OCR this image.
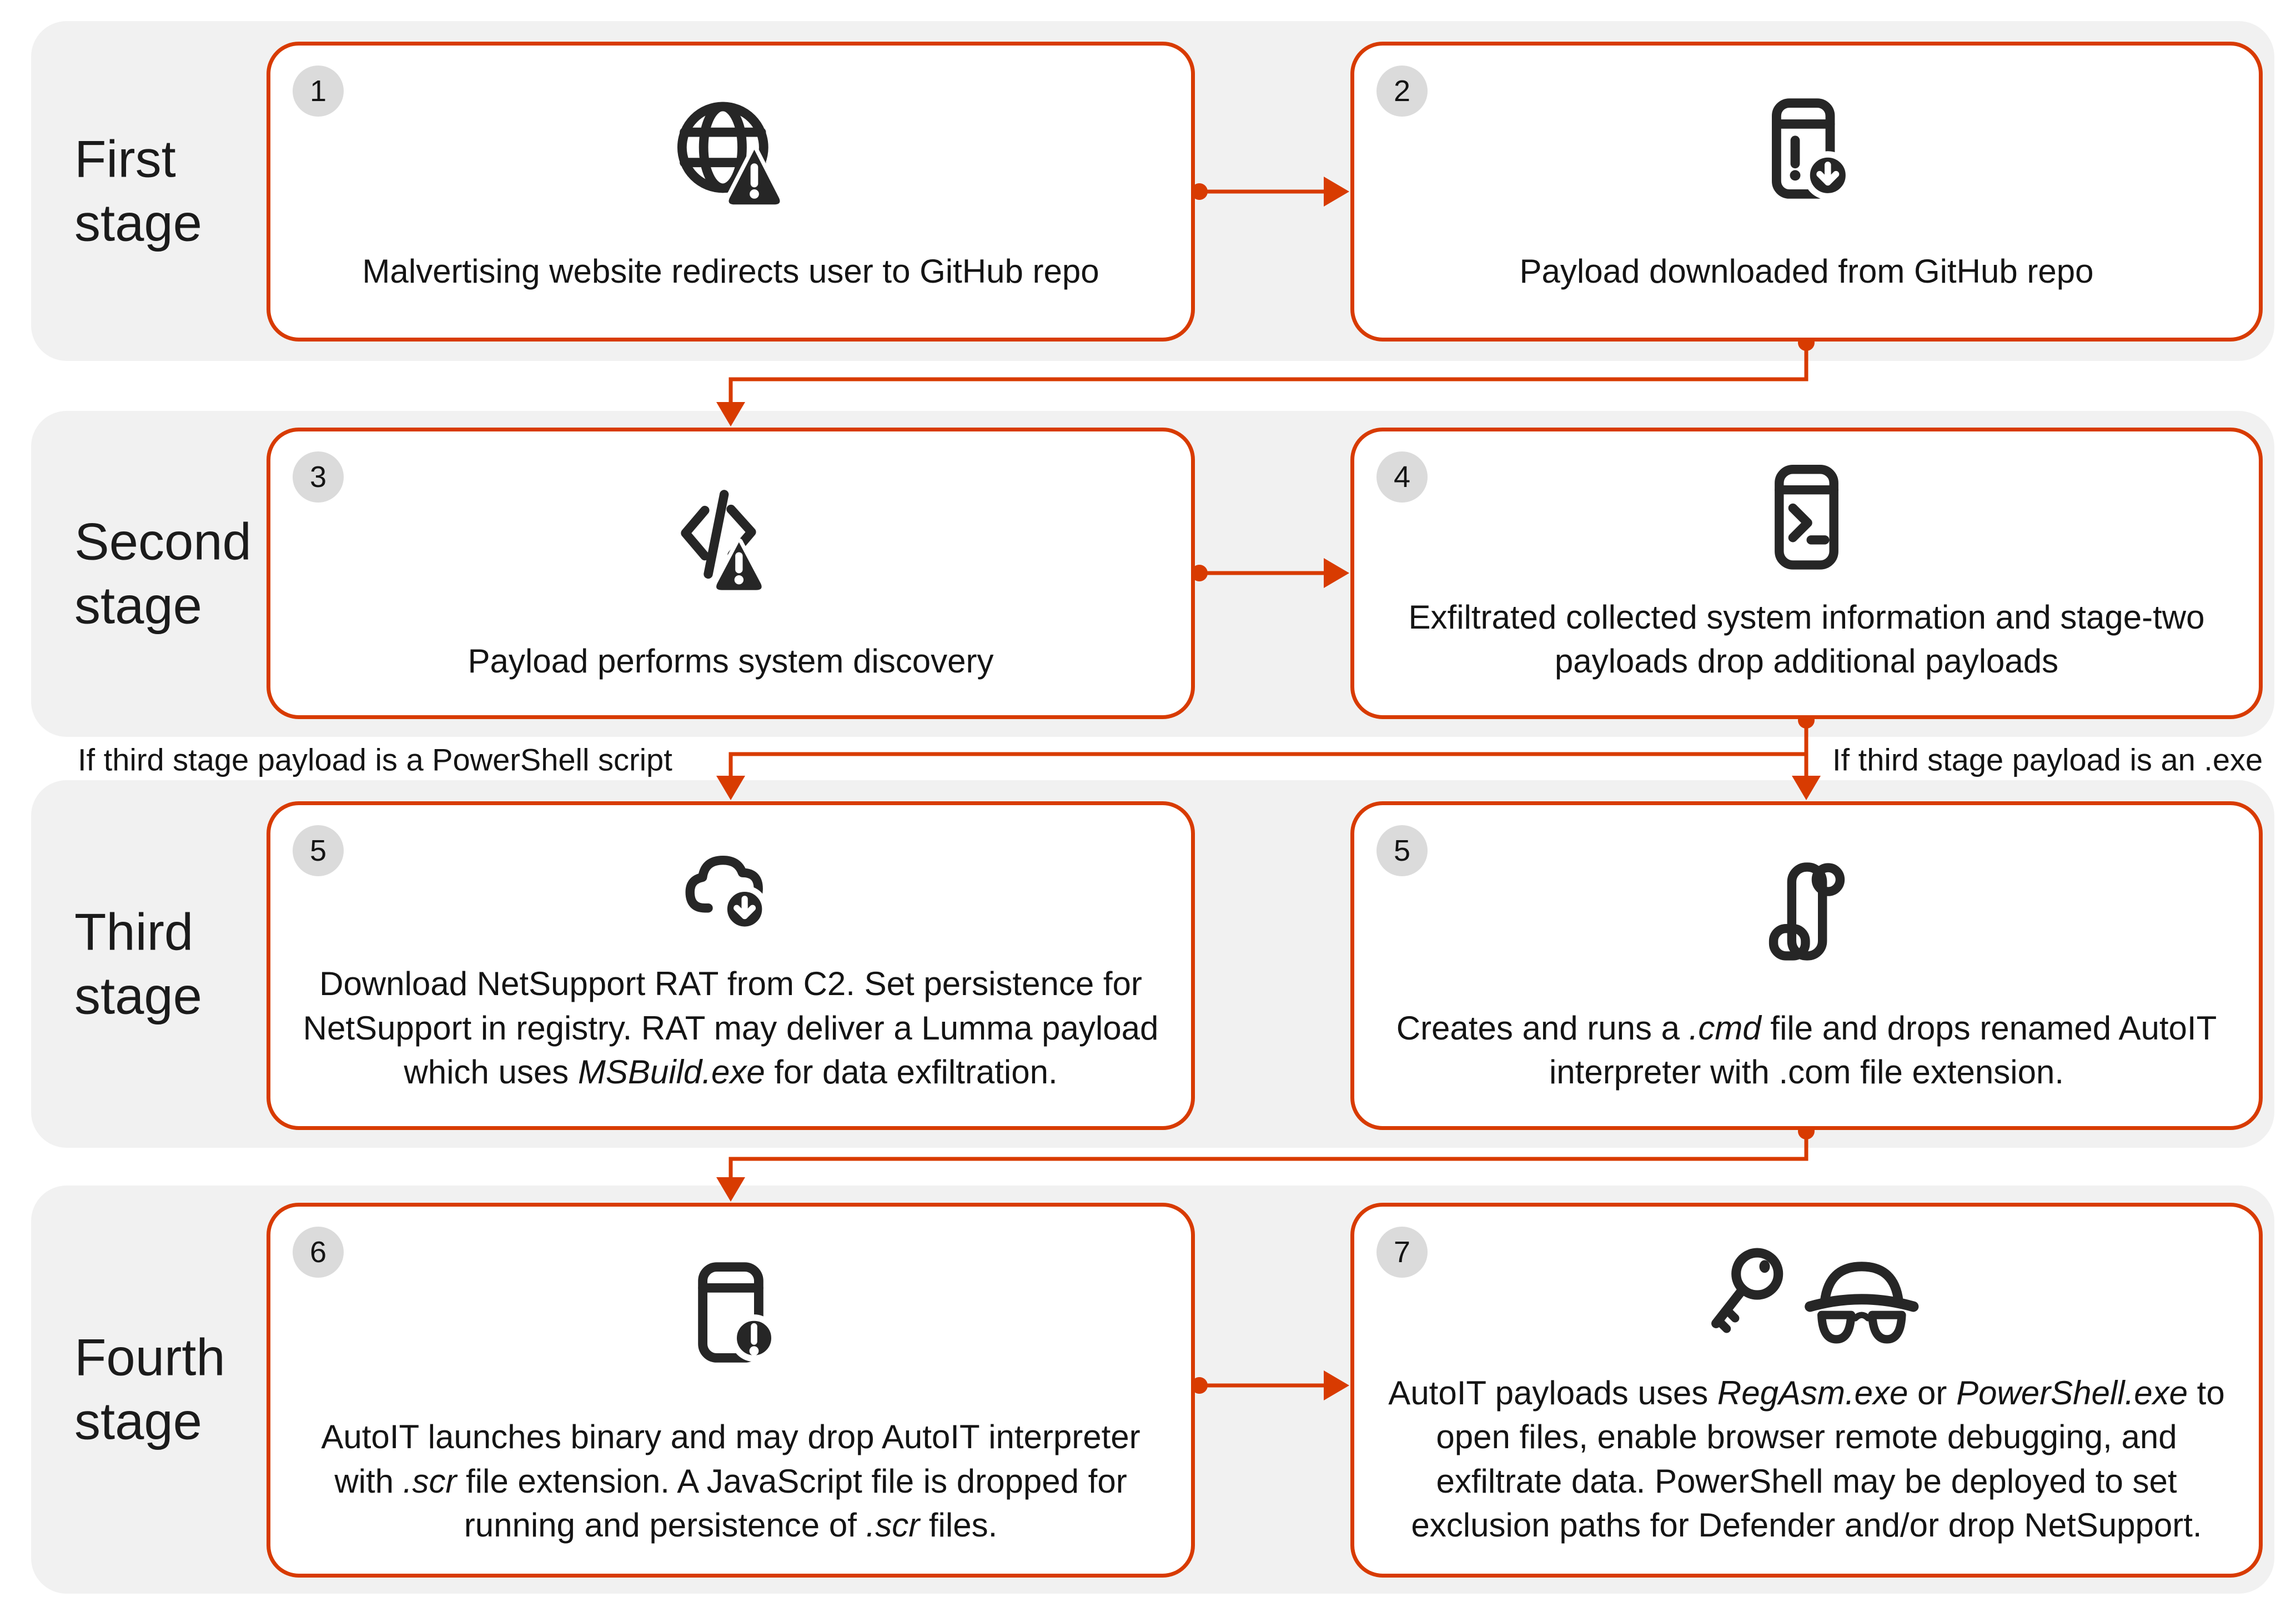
First stage
Second stage
Third stage
Fourth stage
If third stage payload is a PowerShell script	If third stage payload is an .exe
1
Malvertising website redirects user to GitHub repo
2
Payload downloaded from GitHub repo
3
Payload performs system discovery
4
Exfiltrated collected system information and stage-two payloads drop additional payloads
5
Download NetSupport RAT from C2. Set persistence for NetSupport in registry. RAT may deliver a Lumma payload which uses MSBuild.exe for data exfiltration.
5
Creates and runs a .cmd file and drops renamed AutoIT interpreter with .com file extension.
6
AutoIT launches binary and may drop AutoIT interpreter with .scr file extension. A JavaScript file is dropped for running and persistence of .scr files.
7
AutoIT payloads uses RegAsm.exe or PowerShell.exe to open files, enable browser remote debugging, and exfiltrate data. PowerShell may be deployed to set exclusion paths for Defender and/or drop NetSupport.
